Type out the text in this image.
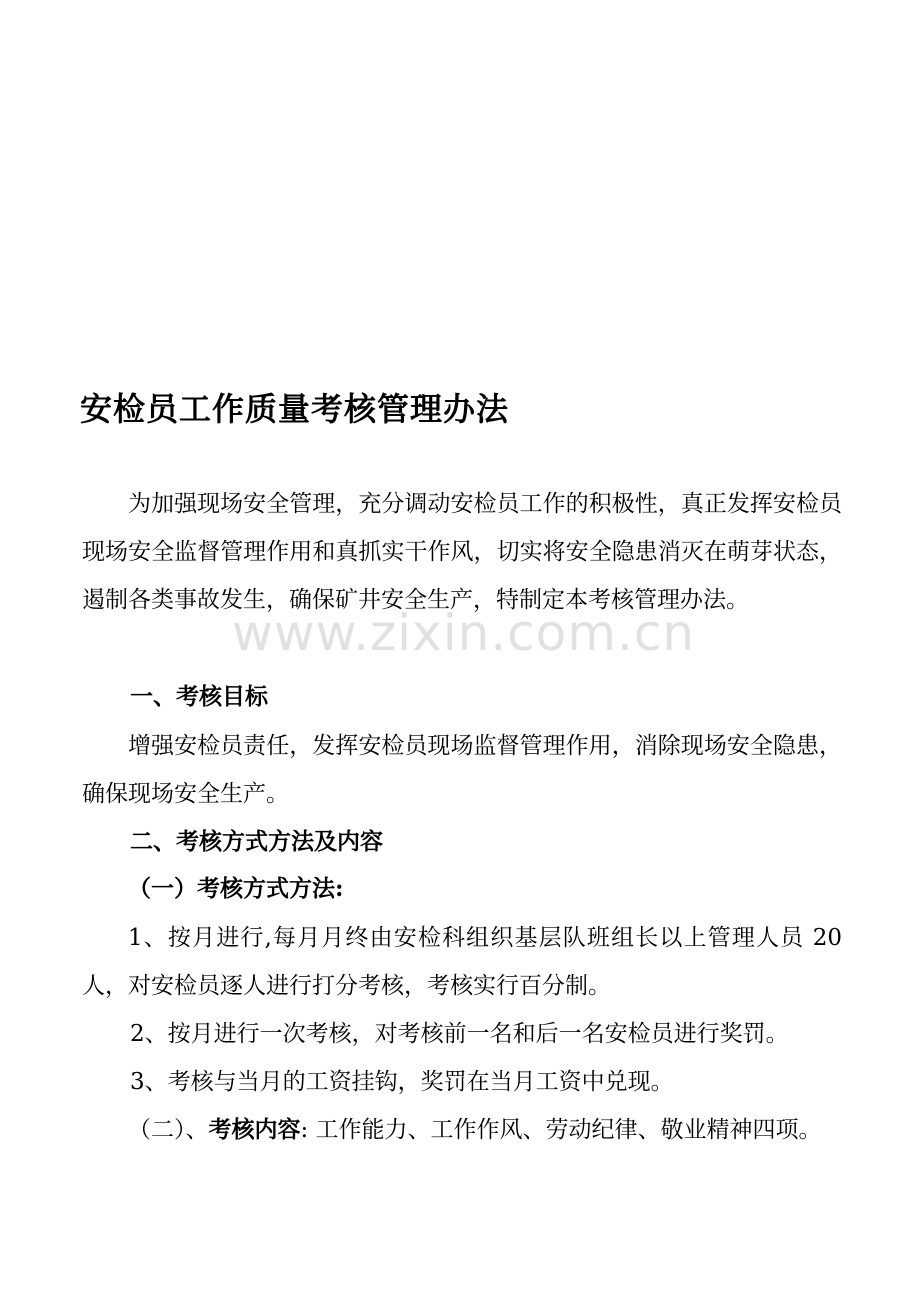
安检员工作质量考核管理办法
为加强现场安全管理，充分调动安检员工作的积极性，真正发挥安检员现场安全监督管理作用和真抓实干作风，切实将安全隐患消灭在萌芽状态，遏制各类事故发生，确保矿井安全生产，特制定本考核管理办法。
www.zixin.com.cn
一、考核目标
增强安检员责任，发挥安检员现场监督管理作用，消除现场安全隐患，确保现场安全生产。
二、考核方式方法及内容
（一）考核方式方法:
1、按月进行,每月月终由安检科组织基层队班组长以上管理人员 20人，对安检员逐人进行打分考核，考核实行百分制。
2、按月进行一次考核，对考核前一名和后一名安检员进行奖罚。
3、考核与当月的工资挂钩，奖罚在当月工资中兑现。
（二）、考核内容: 工作能力、工作作风、劳动纪律、敬业精神四项。
